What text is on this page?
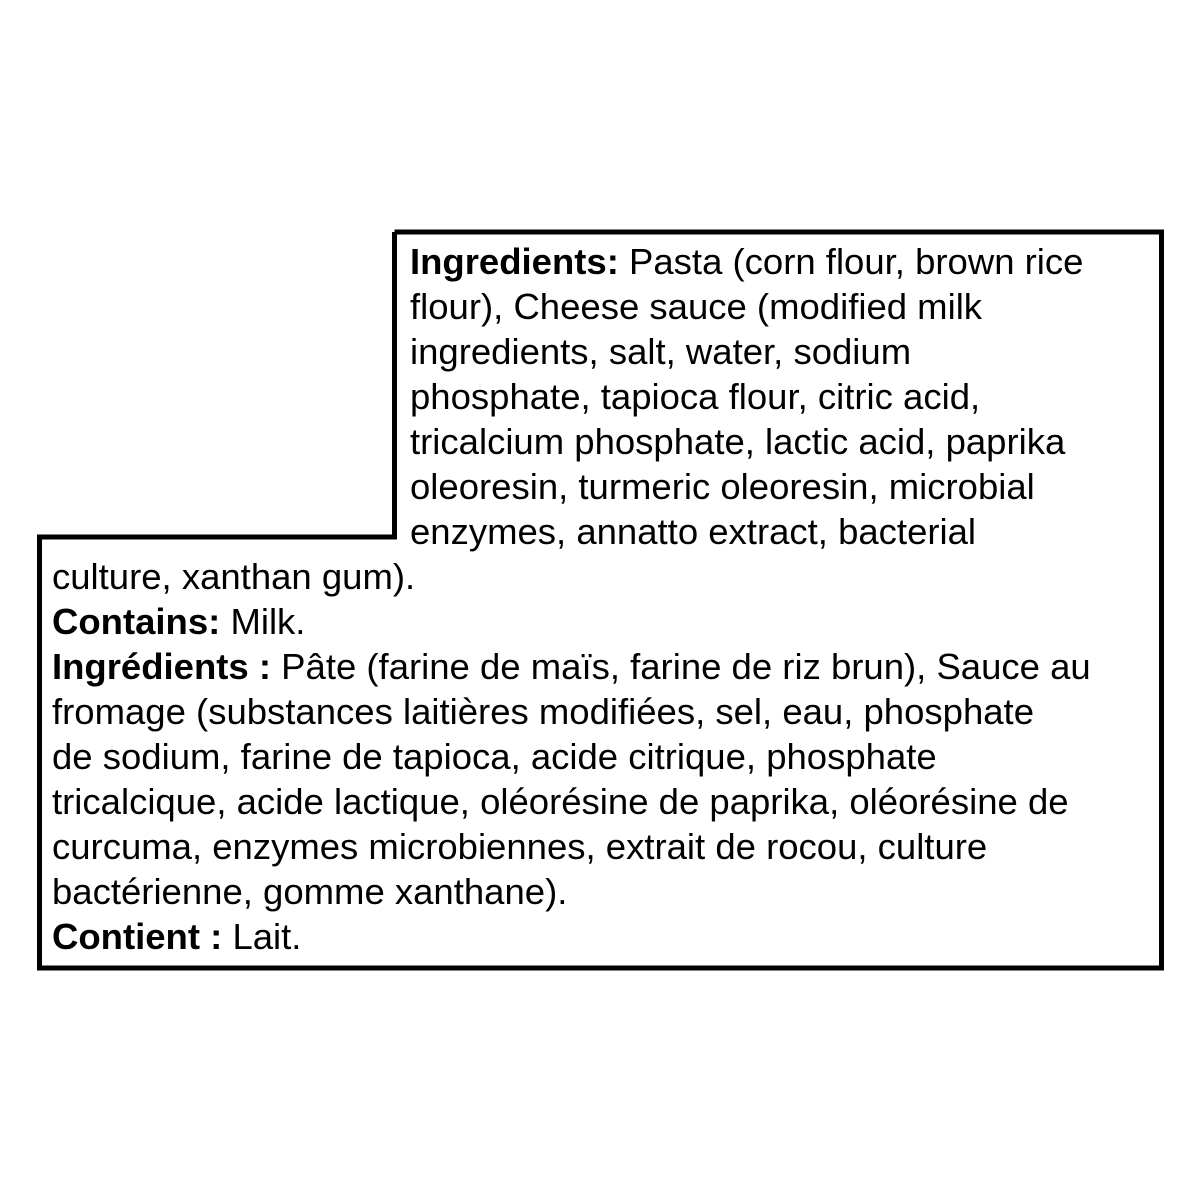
Ingredients: Pasta (corn flour, brown rice
flour), Cheese sauce (modified milk
ingredients, salt, water, sodium
phosphate, tapioca flour, citric acid,
tricalcium phosphate, lactic acid, paprika
oleoresin, turmeric oleoresin, microbial
enzymes, annatto extract, bacterial
culture, xanthan gum).
Contains: Milk.
Ingrédients : Pâte (farine de maïs, farine de riz brun), Sauce au
fromage (substances laitières modifiées, sel, eau, phosphate
de sodium, farine de tapioca, acide citrique, phosphate
tricalcique, acide lactique, oléorésine de paprika, oléorésine de
curcuma, enzymes microbiennes, extrait de rocou, culture
bactérienne, gomme xanthane).
Contient : Lait.
